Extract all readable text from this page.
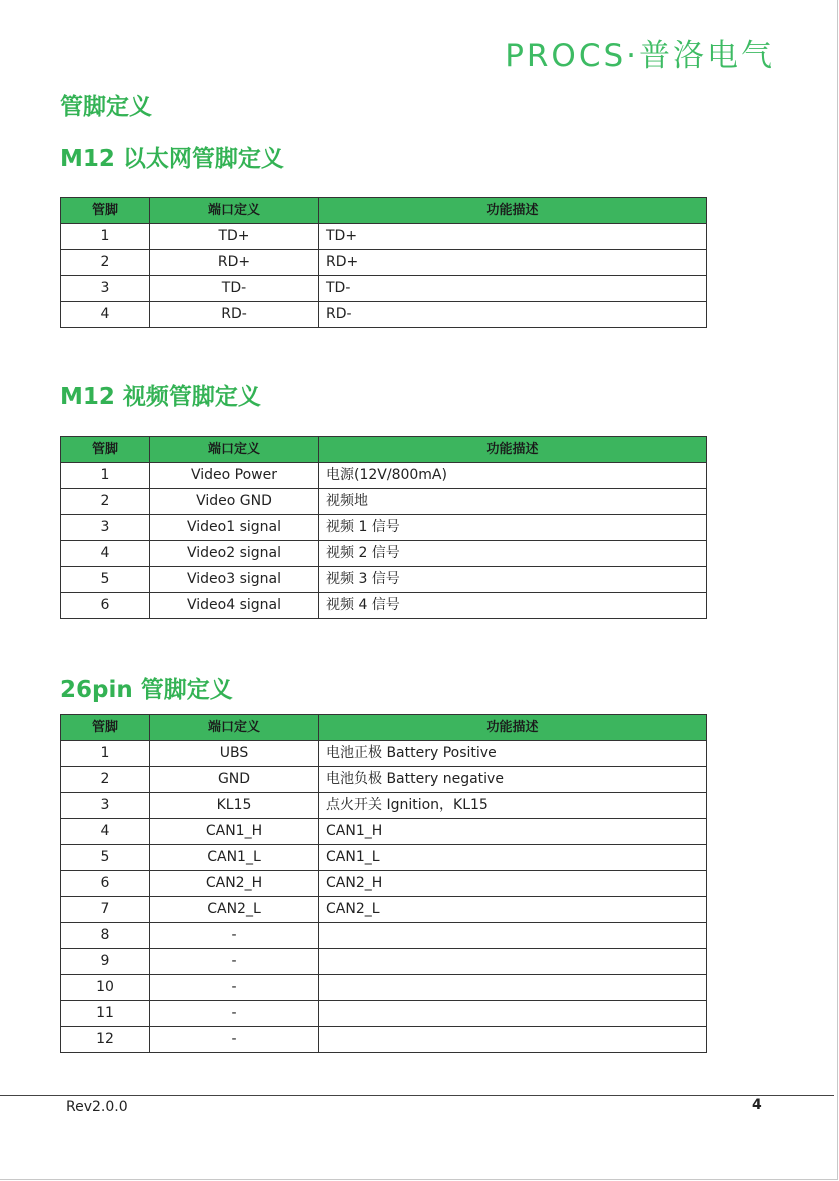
PROCS·普洛电气
管脚定义
M12 以太网管脚定义
管脚	端口定义	功能描述
1	TD+	TD+
2	RD+	RD+
3	TD-	TD-
4	RD-	RD-
M12 视频管脚定义
管脚	端口定义	功能描述
1	Video Power	电源(12V/800mA)
2	Video GND	视频地
3	Video1 signal	视频 1 信号
4	Video2 signal	视频 2 信号
5	Video3 signal	视频 3 信号
6	Video4 signal	视频 4 信号
26pin 管脚定义
管脚	端口定义	功能描述
1	UBS	电池正极 Battery Positive
2	GND	电池负极 Battery negative
3	KL15	点火开关 Ignition，KL15
4	CAN1_H	CAN1_H
5	CAN1_L	CAN1_L
6	CAN2_H	CAN2_H
7	CAN2_L	CAN2_L
8	-	
9	-	
10	-	
11	-	
12	-	
Rev2.0.0	4
